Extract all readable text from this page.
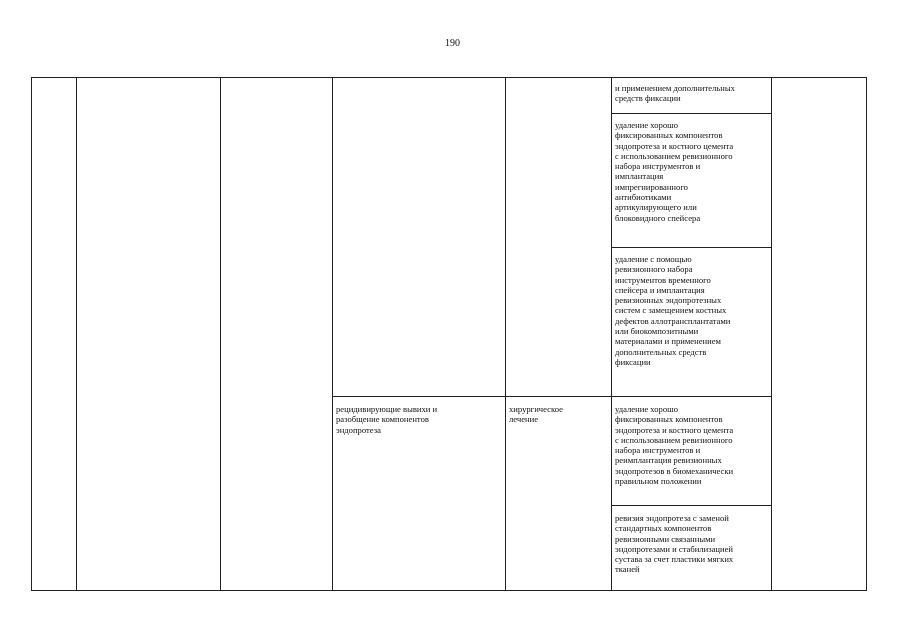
190
и применением дополнительных
средств фиксации
удаление хорошо
фиксированных компонентов
эндопротеза и костного цемента
с использованием ревизионного
набора инструментов и
имплантация
импрегнированного
антибиотиками
артикулирующего или
блоковидного спейсера
удаление с помощью
ревизионного набора
инструментов временного
спейсера и имплантация
ревизионных эндопротезных
систем с замещением костных
дефектов аллотрансплантатами
или биокомпозитными
материалами и применением
дополнительных средств
фиксации
рецидивирующие вывихи и
разобщение компонентов
эндопротеза
хирургическое
лечение
удаление хорошо
фиксированных компонентов
эндопротеза и костного цемента
с использованием ревизионного
набора инструментов и
реимплантация ревизионных
эндопротезов в биомеханически
правильном положении
ревизия эндопротеза с заменой
стандартных компонентов
ревизионными связанными
эндопротезами и стабилизацией
сустава за счет пластики мягких
тканей
